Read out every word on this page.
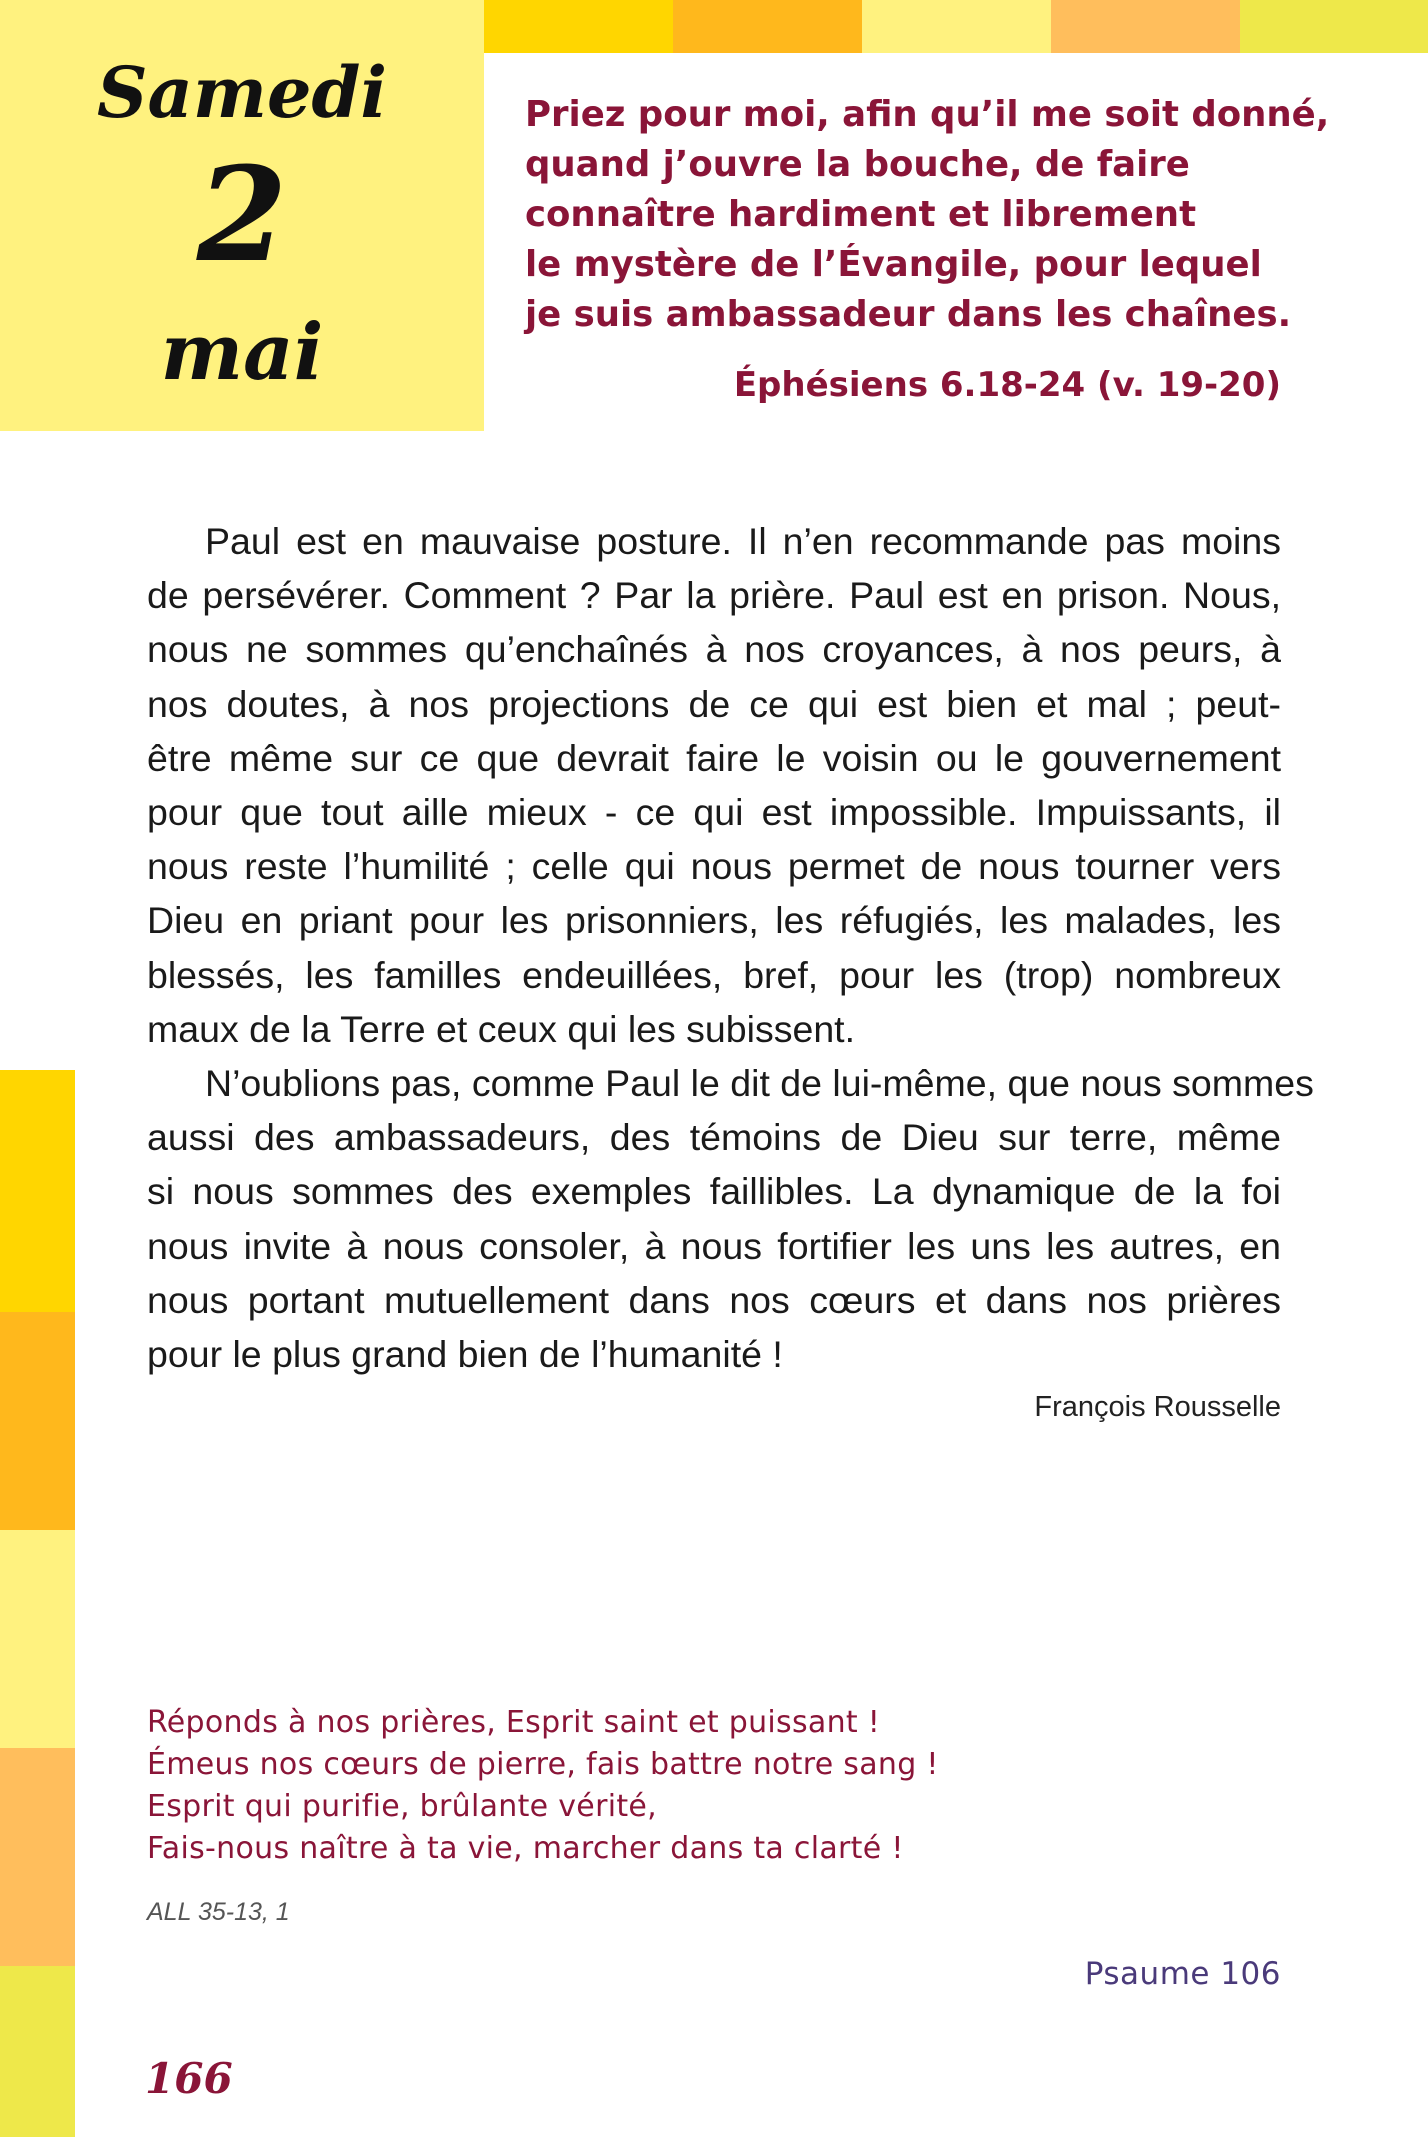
Samedi
2
mai
Priez pour moi, afin qu’il me soit donné,
quand j’ouvre la bouche, de faire
connaître hardiment et librement
le mystère de l’Évangile, pour lequel
je suis ambassadeur dans les chaînes.
Éphésiens 6.18-24 (v. 19-20)
Paul est en mauvaise posture. Il n’en recommande pas moins
de persévérer. Comment ? Par la prière. Paul est en prison. Nous,
nous ne sommes qu’enchaînés à nos croyances, à nos peurs, à
nos doutes, à nos projections de ce qui est bien et mal ; peut-
être même sur ce que devrait faire le voisin ou le gouvernement
pour que tout aille mieux - ce qui est impossible. Impuissants, il
nous reste l’humilité ; celle qui nous permet de nous tourner vers
Dieu en priant pour les prisonniers, les réfugiés, les malades, les
blessés, les familles endeuillées, bref, pour les (trop) nombreux
maux de la Terre et ceux qui les subissent.
N’oublions pas, comme Paul le dit de lui-même, que nous sommes
aussi des ambassadeurs, des témoins de Dieu sur terre, même
si nous sommes des exemples faillibles. La dynamique de la foi
nous invite à nous consoler, à nous fortifier les uns les autres, en
nous portant mutuellement dans nos cœurs et dans nos prières
pour le plus grand bien de l’humanité !
François Rousselle
Réponds à nos prières, Esprit saint et puissant !
Émeus nos cœurs de pierre, fais battre notre sang !
Esprit qui purifie, brûlante vérité,
Fais-nous naître à ta vie, marcher dans ta clarté !
ALL 35-13, 1
Psaume 106
166
